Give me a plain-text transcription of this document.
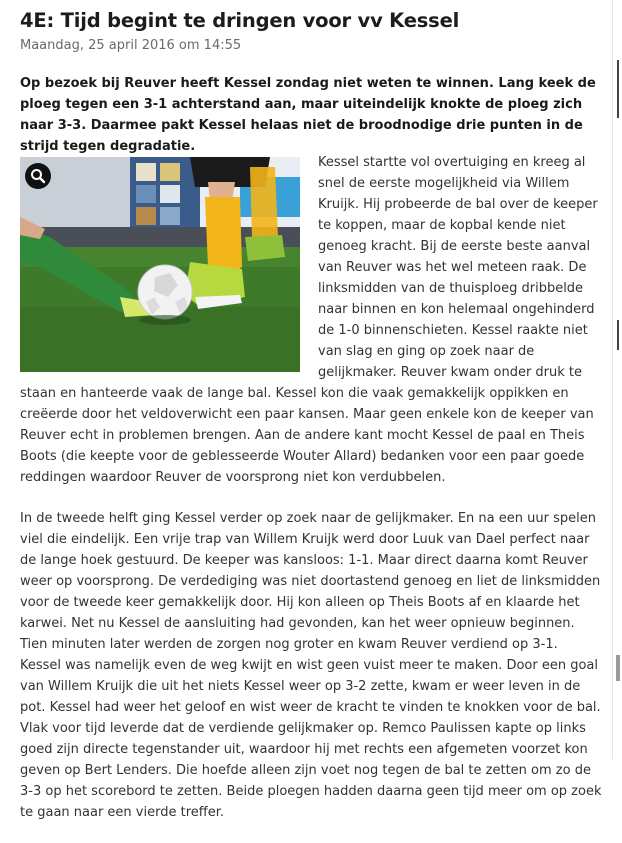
4E: Tijd begint te dringen voor vv Kessel

Maandag, 25 april 2016 om 14:55

Op bezoek bij Reuver heeft Kessel zondag niet weten te winnen. Lang keek de ploeg tegen een 3-1 achterstand aan, maar uiteindelijk knokte de ploeg zich naar 3-3. Daarmee pakt Kessel helaas niet de broodnodige drie punten in de strijd tegen degradatie.

Kessel startte vol overtuiging en kreeg al snel de eerste mogelijkheid via Willem Kruijk. Hij probeerde de bal over de keeper te koppen, maar de kopbal kende niet genoeg kracht. Bij de eerste beste aanval van Reuver was het wel meteen raak. De linksmidden van de thuisploeg dribbelde naar binnen en kon helemaal ongehinderd de 1-0 binnenschieten. Kessel raakte niet van slag en ging op zoek naar de gelijkmaker. Reuver kwam onder druk te staan en hanteerde vaak de lange bal. Kessel kon die vaak gemakkelijk oppikken en creëerde door het veldoverwicht een paar kansen. Maar geen enkele kon de keeper van Reuver echt in problemen brengen. Aan de andere kant mocht Kessel de paal en Theis Boots (die keepte voor de geblesseerde Wouter Allard) bedanken voor een paar goede reddingen waardoor Reuver de voorsprong niet kon verdubbelen.

In de tweede helft ging Kessel verder op zoek naar de gelijkmaker. En na een uur spelen viel die eindelijk. Een vrije trap van Willem Kruijk werd door Luuk van Dael perfect naar de lange hoek gestuurd. De keeper was kansloos: 1-1. Maar direct daarna komt Reuver weer op voorsprong. De verdediging was niet doortastend genoeg en liet de linksmidden voor de tweede keer gemakkelijk door. Hij kon alleen op Theis Boots af en klaarde het karwei. Net nu Kessel de aansluiting had gevonden, kan het weer opnieuw beginnen. Tien minuten later werden de zorgen nog groter en kwam Reuver verdiend op 3-1. Kessel was namelijk even de weg kwijt en wist geen vuist meer te maken. Door een goal van Willem Kruijk die uit het niets Kessel weer op 3-2 zette, kwam er weer leven in de pot. Kessel had weer het geloof en wist weer de kracht te vinden te knokken voor de bal. Vlak voor tijd leverde dat de verdiende gelijkmaker op. Remco Paulissen kapte op links goed zijn directe tegenstander uit, waardoor hij met rechts een afgemeten voorzet kon geven op Bert Lenders. Die hoefde alleen zijn voet nog tegen de bal te zetten om zo de 3-3 op het scorebord te zetten. Beide ploegen hadden daarna geen tijd meer om op zoek te gaan naar een vierde treffer.
